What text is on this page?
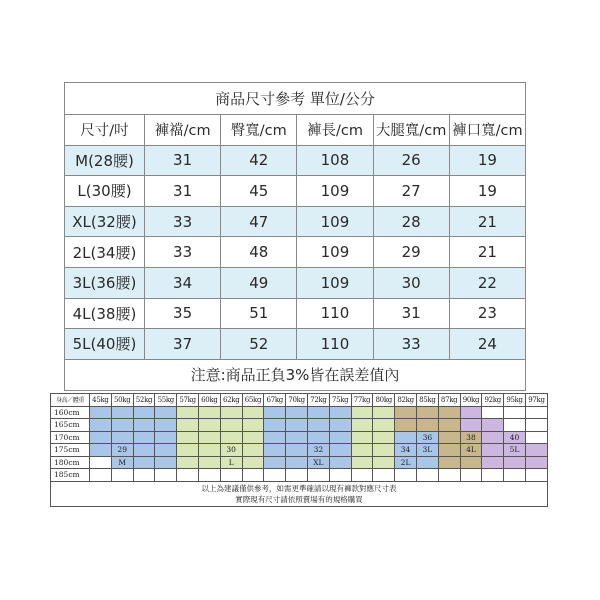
商品尺寸參考 單位/公分					
尺寸/吋	褲襠/cm	臀寬/cm	褲長/cm	大腿寬/cm	褲口寬/cm
M(28腰)	31	42	108	26	19
L(30腰)	31	45	109	27	19
XL(32腰)	33	47	109	28	21
2L(34腰)	33	48	109	29	21
3L(36腰)	34	49	109	30	22
4L(38腰)	35	51	110	31	23
5L(40腰)	37	52	110	33	24
注意:商品正負3%皆在誤差值內					
身高／體重	45kg	50kg	52kg	55kg	57kg	60kg	62kg	65kg	67kg	70kg	72kg	75kg	77kg	80kg	82kg	85kg	87kg	90kg	92kg	95kg	97kg
160cm																					
165cm																					
170cm																36		38		40	
175cm		29					30				32				34	3L		4L		5L	
180cm		M					L				XL				2L						
185cm																					

以上為建議僅供參考，如需更準確請以現有褲款對應尺寸表
實際現有尺寸請依照賣場有的規格購買																					
